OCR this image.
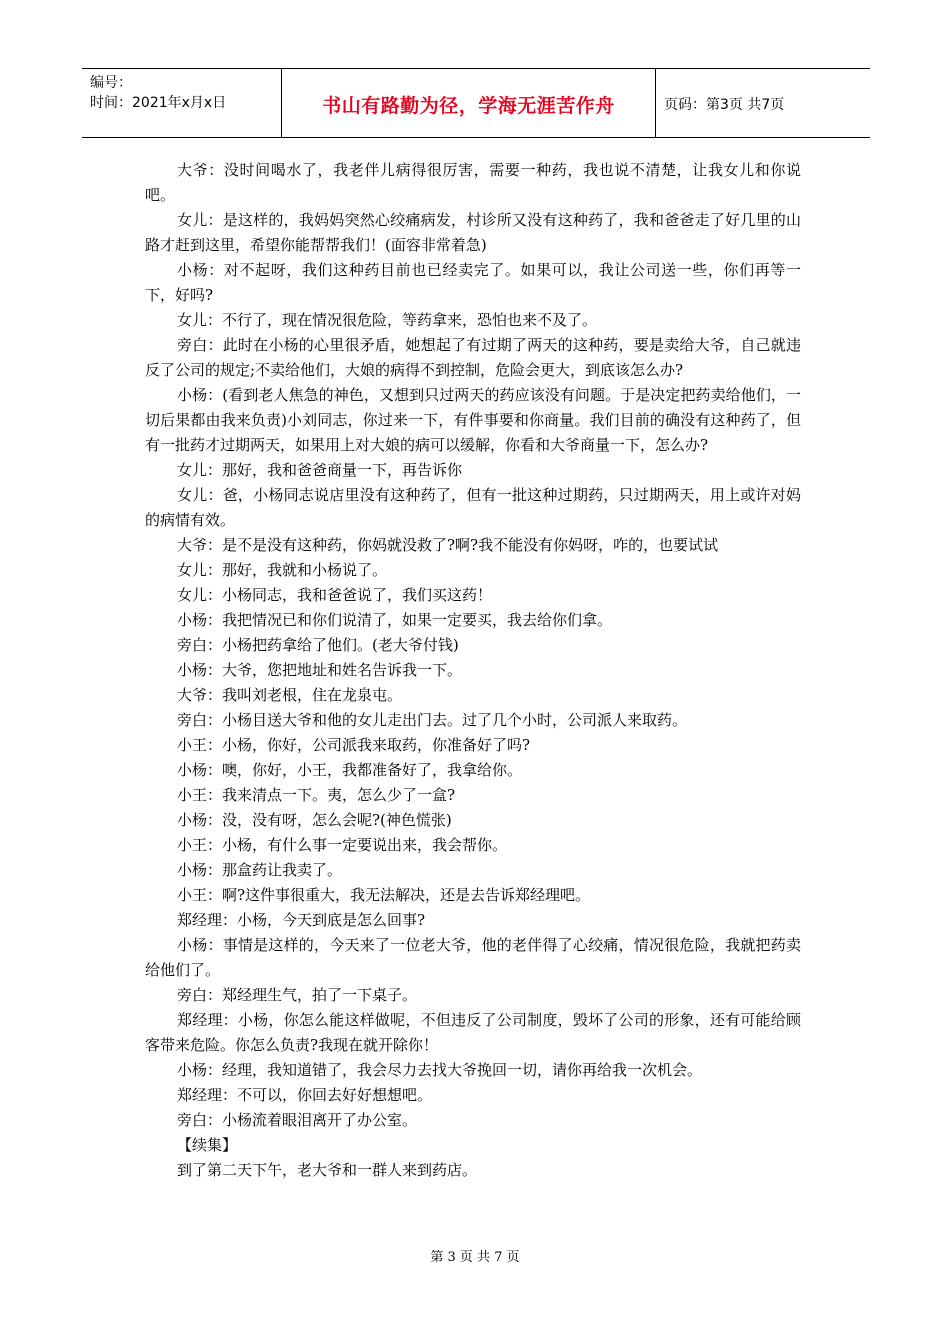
编号：
时间：2021年x月x日	书山有路勤为径，学海无涯苦作舟	页码：第3页 共7页

大爷：没时间喝水了，我老伴儿病得很厉害，需要一种药，我也说不清楚，让我女儿和你说吧。

女儿：是这样的，我妈妈突然心绞痛病发，村诊所又没有这种药了，我和爸爸走了好几里的山路才赶到这里，希望你能帮帮我们！(面容非常着急)

小杨：对不起呀，我们这种药目前也已经卖完了。如果可以，我让公司送一些，你们再等一下，好吗?

女儿：不行了，现在情况很危险，等药拿来，恐怕也来不及了。

旁白：此时在小杨的心里很矛盾，她想起了有过期了两天的这种药，要是卖给大爷，自己就违反了公司的规定;不卖给他们，大娘的病得不到控制，危险会更大，到底该怎么办?

小杨：(看到老人焦急的神色，又想到只过两天的药应该没有问题。于是决定把药卖给他们，一切后果都由我来负责)小刘同志，你过来一下，有件事要和你商量。我们目前的确没有这种药了，但有一批药才过期两天，如果用上对大娘的病可以缓解，你看和大爷商量一下，怎么办?

女儿：那好，我和爸爸商量一下，再告诉你

女儿：爸，小杨同志说店里没有这种药了，但有一批这种过期药，只过期两天，用上或许对妈的病情有效。

大爷：是不是没有这种药，你妈就没救了?啊?我不能没有你妈呀，咋的，也要试试

女儿：那好，我就和小杨说了。

女儿：小杨同志，我和爸爸说了，我们买这药！

小杨：我把情况已和你们说清了，如果一定要买，我去给你们拿。

旁白：小杨把药拿给了他们。(老大爷付钱)

小杨：大爷，您把地址和姓名告诉我一下。

大爷：我叫刘老根，住在龙泉屯。

旁白：小杨目送大爷和他的女儿走出门去。过了几个小时，公司派人来取药。

小王：小杨，你好，公司派我来取药，你准备好了吗?

小杨：噢，你好，小王，我都准备好了，我拿给你。

小王：我来清点一下。夷，怎么少了一盒?

小杨：没，没有呀，怎么会呢?(神色慌张)

小王：小杨，有什么事一定要说出来，我会帮你。

小杨：那盒药让我卖了。

小王：啊?这件事很重大，我无法解决，还是去告诉郑经理吧。

郑经理：小杨，今天到底是怎么回事?

小杨：事情是这样的，今天来了一位老大爷，他的老伴得了心绞痛，情况很危险，我就把药卖给他们了。

旁白：郑经理生气，拍了一下桌子。

郑经理：小杨，你怎么能这样做呢，不但违反了公司制度，毁坏了公司的形象，还有可能给顾客带来危险。你怎么负责?我现在就开除你！

小杨：经理，我知道错了，我会尽力去找大爷挽回一切，请你再给我一次机会。

郑经理：不可以，你回去好好想想吧。

旁白：小杨流着眼泪离开了办公室。

【续集】

到了第二天下午，老大爷和一群人来到药店。

第 3 页 共 7 页
